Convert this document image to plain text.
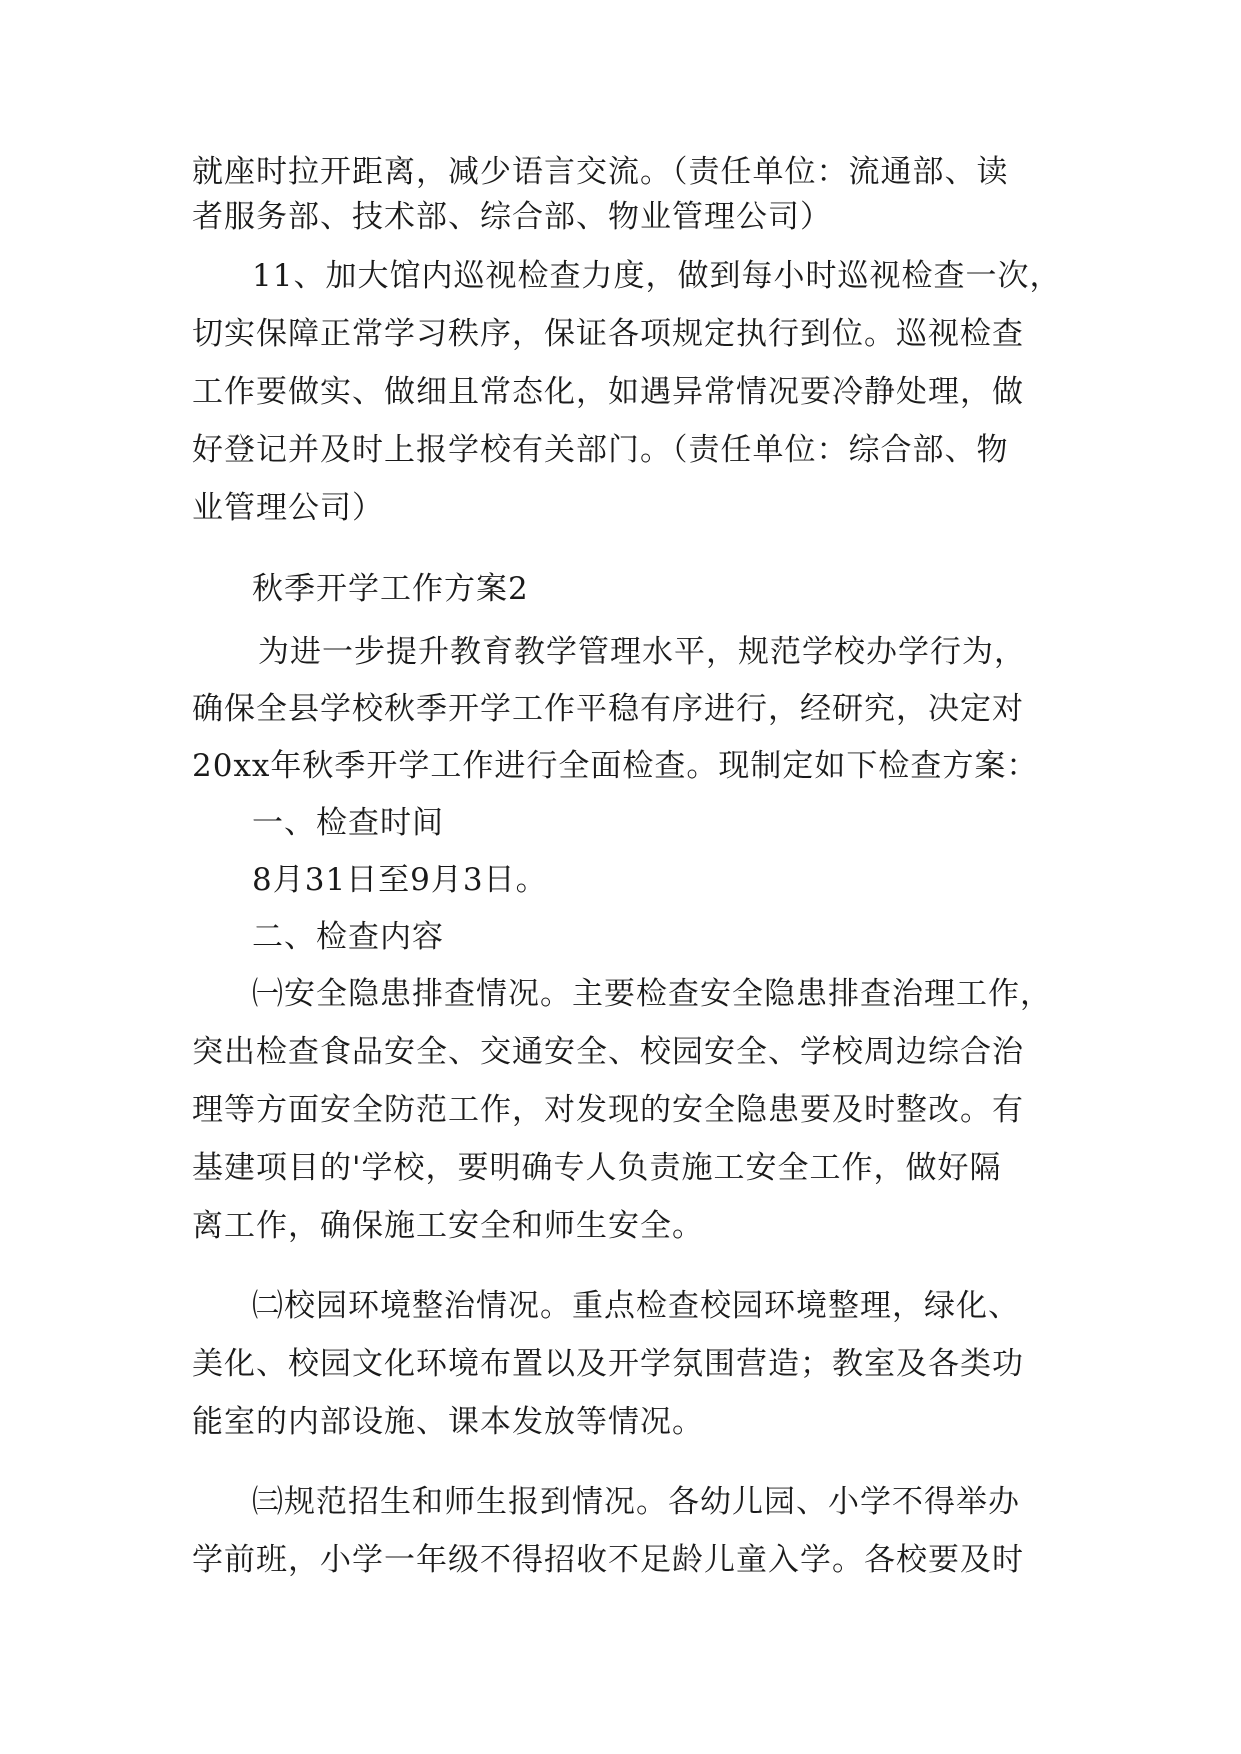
就座时拉开距离，减少语言交流。（责任单位：流通部、读
者服务部、技术部、综合部、物业管理公司）
11、加大馆内巡视检查力度，做到每小时巡视检查一次，
切实保障正常学习秩序，保证各项规定执行到位。巡视检查
工作要做实、做细且常态化，如遇异常情况要冷静处理，做
好登记并及时上报学校有关部门。（责任单位：综合部、物
业管理公司）
秋季开学工作方案2
为进一步提升教育教学管理水平，规范学校办学行为，
确保全县学校秋季开学工作平稳有序进行，经研究，决定对
20xx年秋季开学工作进行全面检查。现制定如下检查方案：
一、检查时间
8月31日至9月3日。
二、检查内容
㈠安全隐患排查情况。主要检查安全隐患排查治理工作，
突出检查食品安全、交通安全、校园安全、学校周边综合治
理等方面安全防范工作，对发现的安全隐患要及时整改。有
基建项目的'学校，要明确专人负责施工安全工作，做好隔
离工作，确保施工安全和师生安全。
㈡校园环境整治情况。重点检查校园环境整理，绿化、
美化、校园文化环境布置以及开学氛围营造；教室及各类功
能室的内部设施、课本发放等情况。
㈢规范招生和师生报到情况。各幼儿园、小学不得举办
学前班，小学一年级不得招收不足龄儿童入学。各校要及时
